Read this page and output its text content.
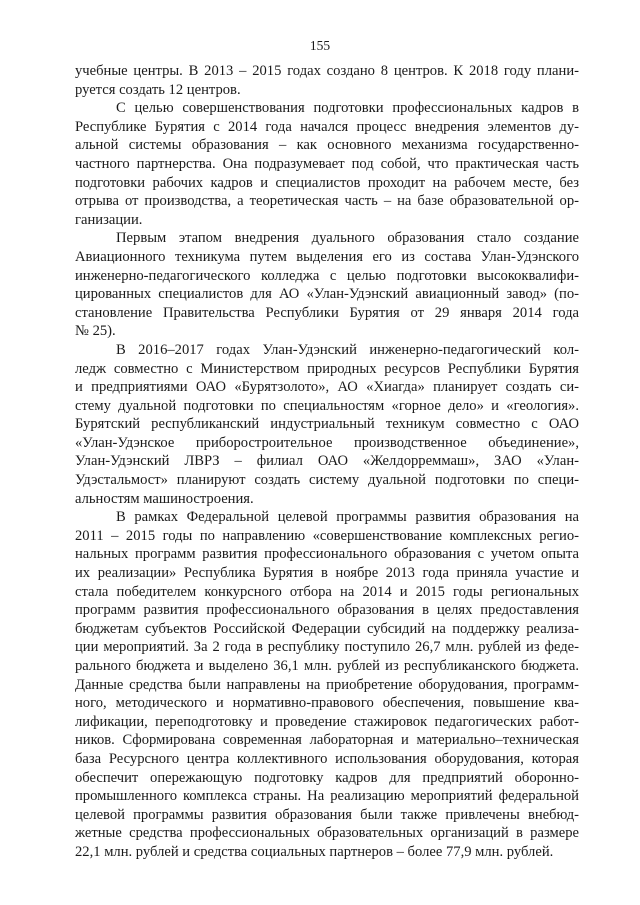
155
учебные центры. В 2013 – 2015 годах создано 8 центров. К 2018 году плани-
руется создать 12 центров.
С целью совершенствования подготовки профессиональных кадров в
Республике Бурятия с 2014 года начался процесс внедрения элементов ду-
альной системы образования – как основного механизма государственно-
частного партнерства. Она подразумевает под собой, что практическая часть
подготовки рабочих кадров и специалистов проходит на рабочем месте, без
отрыва от производства, а теоретическая часть – на базе образовательной ор-
ганизации.
Первым этапом внедрения дуального образования стало создание
Авиационного техникума путем выделения его из состава Улан-Удэнского
инженерно-педагогического колледжа с целью подготовки высококвалифи-
цированных специалистов для АО «Улан-Удэнский авиационный завод» (по-
становление Правительства Республики Бурятия от 29 января 2014 года
№ 25).
В 2016–2017 годах Улан-Удэнский инженерно-педагогический кол-
ледж совместно с Министерством природных ресурсов Республики Бурятия
и предприятиями ОАО «Бурятзолото», АО «Хиагда» планирует создать си-
стему дуальной подготовки по специальностям «горное дело» и «геология».
Бурятский республиканский индустриальный техникум совместно с ОАО
«Улан-Удэнское приборостроительное производственное объединение»,
Улан-Удэнский ЛВРЗ – филиал ОАО «Желдорреммаш», ЗАО «Улан-
Удэстальмост» планируют создать систему дуальной подготовки по специ-
альностям машиностроения.
В рамках Федеральной целевой программы развития образования на
2011 – 2015 годы по направлению «совершенствование комплексных регио-
нальных программ развития профессионального образования с учетом опыта
их реализации» Республика Бурятия в ноябре 2013 года приняла участие и
стала победителем конкурсного отбора на 2014 и 2015 годы региональных
программ развития профессионального образования в целях предоставления
бюджетам субъектов Российской Федерации субсидий на поддержку реализа-
ции мероприятий. За 2 года в республику поступило 26,7 млн. рублей из феде-
рального бюджета и выделено 36,1 млн. рублей из республиканского бюджета.
Данные средства были направлены на приобретение оборудования, программ-
ного, методического и нормативно-правового обеспечения, повышение ква-
лификации, переподготовку и проведение стажировок педагогических работ-
ников. Сформирована современная лабораторная и материально–техническая
база Ресурсного центра коллективного использования оборудования, которая
обеспечит опережающую подготовку кадров для предприятий оборонно-
промышленного комплекса страны. На реализацию мероприятий федеральной
целевой программы развития образования были также привлечены внебюд-
жетные средства профессиональных образовательных организаций в размере
22,1 млн. рублей и средства социальных партнеров – более 77,9 млн. рублей.
